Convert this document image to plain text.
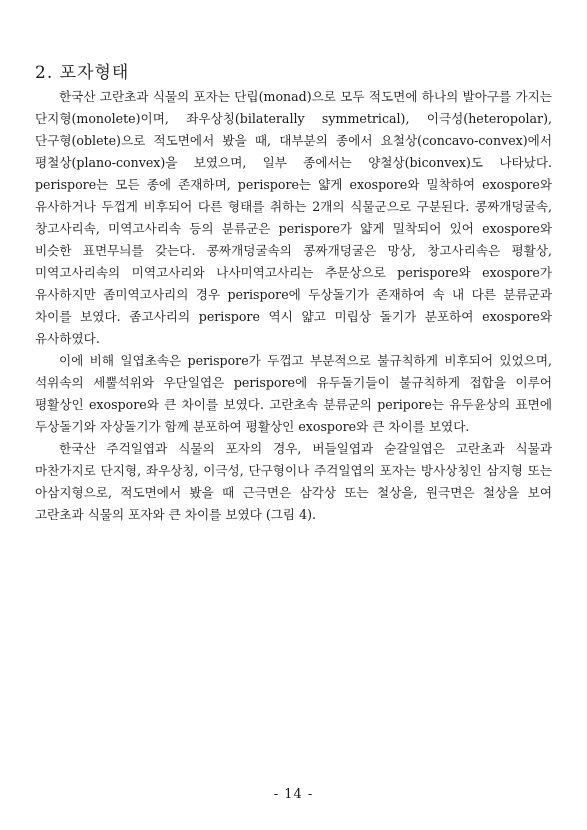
2. 포자형태

한국산 고란초과 식물의 포자는 단립(monad)으로 모두 적도면에 하나의 발아구를 가지는 단지형(monolete)이며, 좌우상칭(bilaterally symmetrical), 이극성(heteropolar), 단구형(oblete)으로 적도면에서 봤을 때, 대부분의 종에서 요철상(concavo-convex)에서 평철상(plano-convex)을 보였으며, 일부 종에서는 양철상(biconvex)도 나타났다. perispore는 모든 종에 존재하며, perispore는 얇게 exospore와 밀착하여 exospore와 유사하거나 두껍게 비후되어 다른 형태를 취하는 2개의 식물군으로 구분된다. 콩짜개덩굴속, 창고사리속, 미역고사리속 등의 분류군은 perispore가 얇게 밀착되어 있어 exospore와 비슷한 표면무늬를 갖는다. 콩짜개덩굴속의 콩짜개덩굴은 망상, 창고사리속은 평활상, 미역고사리속의 미역고사리와 나사미역고사리는 추문상으로 perispore와 exospore가 유사하지만 좀미역고사리의 경우 perispore에 두상돌기가 존재하여 속 내 다른 분류군과 차이를 보였다. 좀고사리의 perispore 역시 얇고 미립상 돌기가 분포하여 exospore와 유사하였다.

이에 비해 일엽초속은 perispore가 두껍고 부분적으로 불규칙하게 비후되어 있었으며, 석위속의 세뿔석위와 우단일엽은 perispore에 유두돌기들이 불규칙하게 접합을 이루어 평활상인 exospore와 큰 차이를 보였다. 고란초속 분류군의 peripore는 유두윤상의 표면에 두상돌기와 자상돌기가 함께 분포하여 평활상인 exospore와 큰 차이를 보였다.

한국산 주걱일엽과 식물의 포자의 경우, 버들일엽과 숟갈일엽은 고란초과 식물과 마찬가지로 단지형, 좌우상칭, 이극성, 단구형이나 주걱일엽의 포자는 방사상칭인 삼지형 또는 아삼지형으로, 적도면에서 봤을 때 근극면은 삼각상 또는 철상을, 원극면은 철상을 보여 고란초과 식물의 포자와 큰 차이를 보였다 (그림 4).

- 14 -
